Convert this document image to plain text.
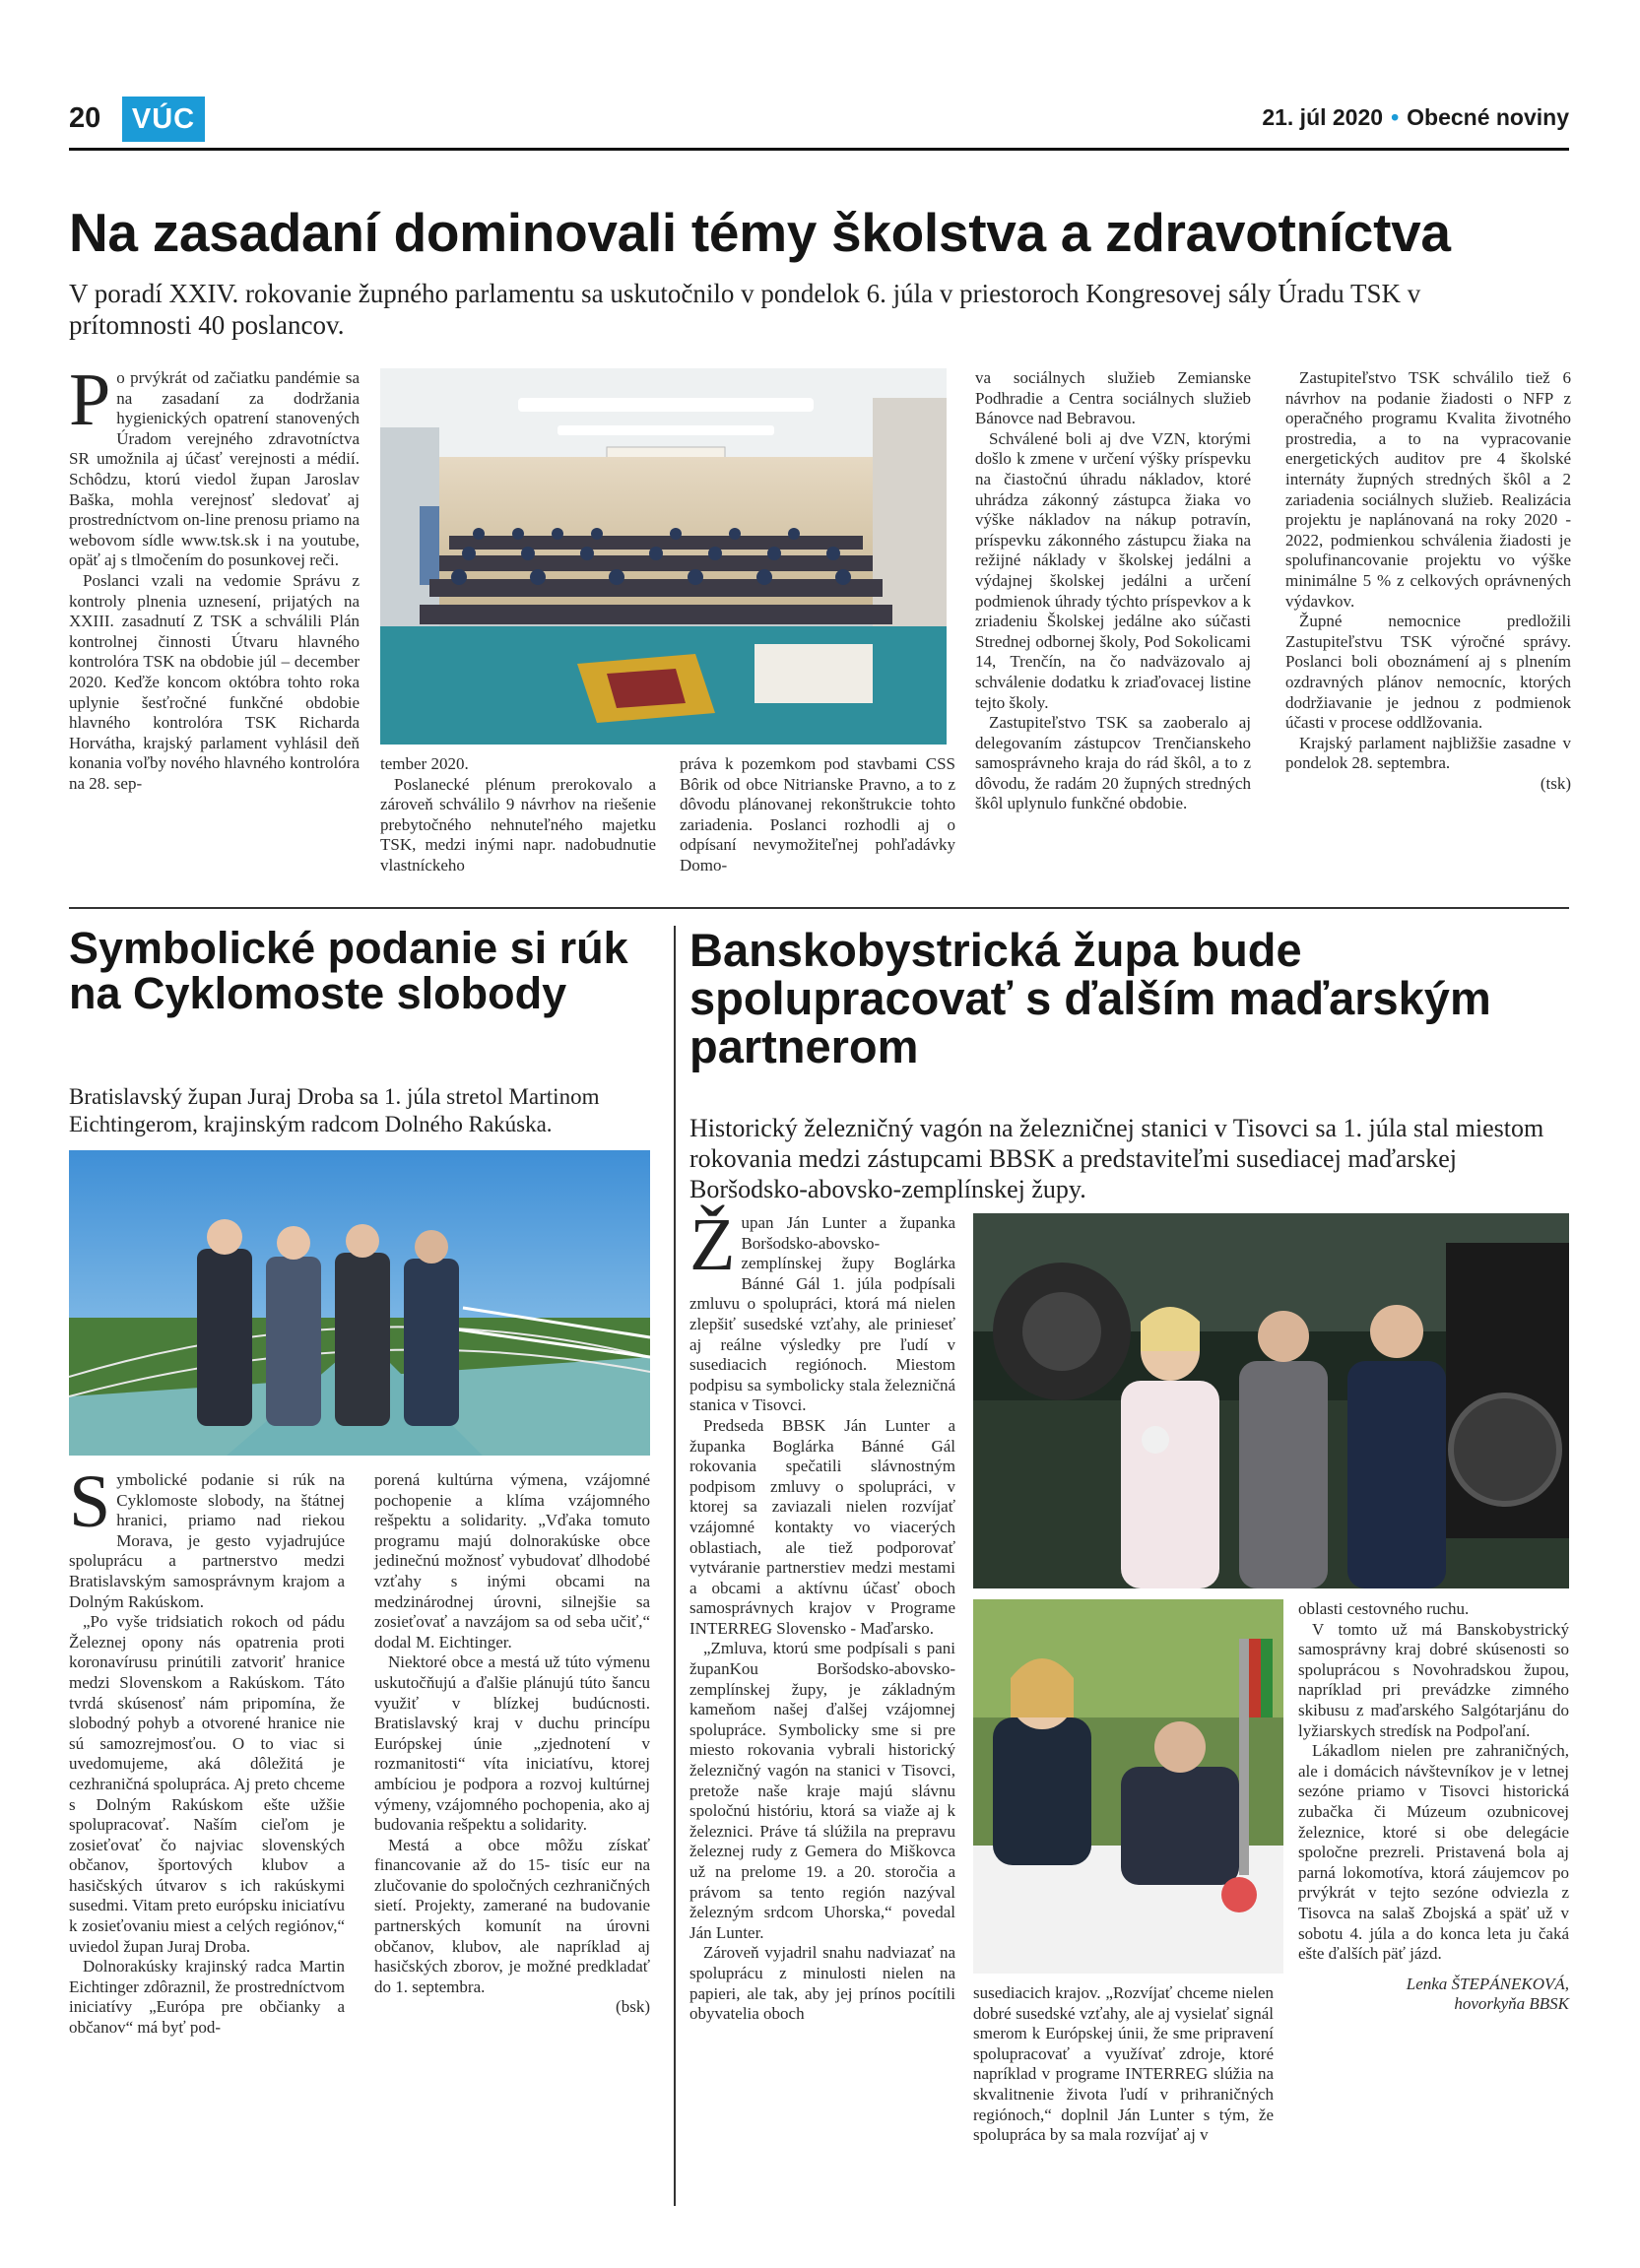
20	VÚC	21. júl 2020 • Obecné noviny
Na zasadaní dominovali témy školstva a zdravotníctva
V poradí XXIV. rokovanie župného parlamentu sa uskutočnilo v pondelok 6. júla v priestoroch Kongresovej sály Úradu TSK v prítomnosti 40 poslancov.

Po prvýkrát od začiatku pandémie sa na zasadaní za dodržania hygienických opatrení stanovených Úradom verejného zdravotníctva SR umožnila aj účasť verejnosti a médií. Schôdzu, ktorú viedol župan Jaroslav Baška, mohla verejnosť sledovať aj prostredníctvom on-line prenosu priamo na webovom sídle www.tsk.sk i na youtube, opäť aj s tlmočením do posunkovej reči.

Poslanci vzali na vedomie Správu z kontroly plnenia uznesení, prijatých na XXIII. zasadnutí Z TSK a schválili Plán kontrolnej činnosti Útvaru hlavného kontrolóra TSK na obdobie júl – december 2020. Keďže koncom októbra tohto roka uplynie šesťročné funkčné obdobie hlavného kontrolóra TSK Richarda Horvátha, krajský parlament vyhlásil deň konania voľby nového hlavného kontrolóra na 28. sep-

tember 2020.

Poslanecké plénum prerokovalo a zároveň schválilo 9 návrhov na riešenie prebytočného nehnuteľného majetku TSK, medzi inými napr. nadobudnutie vlastníckeho

práva k pozemkom pod stavbami CSS Bôrik od obce Nitrianske Pravno, a to z dôvodu plánovanej rekonštrukcie tohto zariadenia. Poslanci rozhodli aj o odpísaní nevymožiteľnej pohľadávky Domo-

va sociálnych služieb Zemianske Podhradie a Centra sociálnych služieb Bánovce nad Bebravou.

Schválené boli aj dve VZN, ktorými došlo k zmene v určení výšky príspevku na čiastočnú úhradu nákladov, ktoré uhrádza zákonný zástupca žiaka vo výške nákladov na nákup potravín, príspevku zákonného zástupcu žiaka na režijné náklady v školskej jedálni a výdajnej školskej jedálni a určení podmienok úhrady týchto príspevkov a k zriadeniu Školskej jedálne ako súčasti Strednej odbornej školy, Pod Sokolicami 14, Trenčín, na čo nadväzovalo aj schválenie dodatku k zriaďovacej listine tejto školy.

Zastupiteľstvo TSK sa zaoberalo aj delegovaním zástupcov Trenčianskeho samosprávneho kraja do rád škôl, a to z dôvodu, že radám 20 župných stredných škôl uplynulo funkčné obdobie.

Zastupiteľstvo TSK schválilo tiež 6 návrhov na podanie žiadosti o NFP z operačného programu Kvalita životného prostredia, a to na vypracovanie energetických auditov pre 4 školské internáty župných stredných škôl a 2 zariadenia sociálnych služieb. Realizácia projektu je naplánovaná na roky 2020 - 2022, podmienkou schválenia žiadosti je spolufinancovanie projektu vo výške minimálne 5 % z celkových oprávnených výdavkov.

Župné nemocnice predložili Zastupiteľstvu TSK výročné správy. Poslanci boli oboznámení aj s plnením ozdravných plánov nemocníc, ktorých dodržiavanie je jednou z podmienok účasti v procese oddlžovania.

Krajský parlament najbližšie zasadne v pondelok 28. septembra.

(tsk)

Symbolické podanie si rúk na Cyklomoste slobody
Bratislavský župan Juraj Droba sa 1. júla stretol Martinom Eichtingerom, krajinským radcom Dolného Rakúska.

Symbolické podanie si rúk na Cyklomoste slobody, na štátnej hranici, priamo nad riekou Morava, je gesto vyjadrujúce spoluprácu a partnerstvo medzi Bratislavským samosprávnym krajom a Dolným Rakúskom.

„Po vyše tridsiatich rokoch od pádu Železnej opony nás opatrenia proti koronavírusu prinútili zatvoriť hranice medzi Slovenskom a Rakúskom. Táto tvrdá skúsenosť nám pripomína, že slobodný pohyb a otvorené hranice nie sú samozrejmosťou. O to viac si uvedomujeme, aká dôležitá je cezhraničná spolupráca. Aj preto chceme s Dolným Rakúskom ešte užšie spolupracovať. Naším cieľom je zosieťovať čo najviac slovenských občanov, športových klubov a hasičských útvarov s ich rakúskymi susedmi. Vitam preto európsku iniciatívu k zosieťovaniu miest a celých regiónov,“ uviedol župan Juraj Droba.

Dolnorakúsky krajinský radca Martin Eichtinger zdôraznil, že prostredníctvom iniciatívy „Európa pre občianky a občanov“ má byť pod-

porená kultúrna výmena, vzájomné pochopenie a klíma vzájomného rešpektu a solidarity. „Vďaka tomuto programu majú dolnorakúske obce jedinečnú možnosť vybudovať dlhodobé vzťahy s inými obcami na medzinárodnej úrovni, silnejšie sa zosieťovať a navzájom sa od seba učiť,“ dodal M. Eichtinger.

Niektoré obce a mestá už túto výmenu uskutočňujú a ďalšie plánujú túto šancu využiť v blízkej budúcnosti. Bratislavský kraj v duchu princípu Európskej únie „zjednotení v rozmanitosti“ víta iniciatívu, ktorej ambíciou je podpora a rozvoj kultúrnej výmeny, vzájomného pochopenia, ako aj budovania rešpektu a solidarity.

Mestá a obce môžu získať financovanie až do 15- tisíc eur na zlučovanie do spoločných cezhraničných sietí. Projekty, zamerané na budovanie partnerských komunít na úrovni občanov, klubov, ale napríklad aj hasičských zborov, je možné predkladať do 1. septembra.

(bsk)

Banskobystrická župa bude spolupracovať s ďalším maďarským partnerom
Historický železničný vagón na železničnej stanici v Tisovci sa 1. júla stal miestom rokovania medzi zástupcami BBSK a predstaviteľmi susediacej maďarskej Boršodsko-abovsko-zemplínskej župy.

Župan Ján Lunter a županka Boršodsko-abovsko-zemplínskej župy Boglárka Bánné Gál 1. júla podpísali zmluvu o spolupráci, ktorá má nielen zlepšiť susedské vzťahy, ale prinieseť aj reálne výsledky pre ľudí v susediacich regiónoch. Miestom podpisu sa symbolicky stala železničná stanica v Tisovci.

Predseda BBSK Ján Lunter a županka Boglárka Bánné Gál rokovania spečatili slávnostným podpisom zmluvy o spolupráci, v ktorej sa zaviazali nielen rozvíjať vzájomné kontakty vo viacerých oblastiach, ale tiež podporovať vytváranie partnerstiev medzi mestami a obcami a aktívnu účasť oboch samosprávnych krajov v Programe INTERREG Slovensko - Maďarsko.

„Zmluva, ktorú sme podpísali s pani županKou Boršodsko-abovsko-zemplínskej župy, je základným kameňom našej ďalšej vzájomnej spolupráce. Symbolicky sme si pre miesto rokovania vybrali historický železničný vagón na stanici v Tisovci, pretože naše kraje majú slávnu spoločnú históriu, ktorá sa viaže aj k železnici. Práve tá slúžila na prepravu železnej rudy z Gemera do Miškovca už na prelome 19. a 20. storočia a právom sa tento región nazýval železným srdcom Uhorska,“ povedal Ján Lunter.

Zároveň vyjadril snahu nadviazať na spoluprácu z minulosti nielen na papieri, ale tak, aby jej prínos pocítili obyvatelia oboch

susediacich krajov. „Rozvíjať chceme nielen dobré susedské vzťahy, ale aj vysielať signál smerom k Európskej únii, že sme pripravení spolupracovať a využívať zdroje, ktoré napríklad v programe INTERREG slúžia na skvalitnenie života ľudí v prihraničných regiónoch,“ doplnil Ján Lunter s tým, že spolupráca by sa mala rozvíjať aj v

oblasti cestovného ruchu.

V tomto už má Banskobystrický samosprávny kraj dobré skúsenosti so spoluprácou s Novohradskou župou, napríklad pri prevádzke zimného skibusu z maďarského Salgótarjánu do lyžiarskych stredísk na Podpoľaní.

Lákadlom nielen pre zahraničných, ale i domácich návštevníkov je v letnej sezóne priamo v Tisovci historická zubačka či Múzeum ozubnicovej železnice, ktoré si obe delegácie spoločne prezreli. Pristavená bola aj parná lokomotíva, ktorá záujemcov po prvýkrát v tejto sezóne odviezla z Tisovca na salaš Zbojská a späť už v sobotu 4. júla a do konca leta ju čaká ešte ďalších päť jázd.

Lenka ŠTEPÁNEKOVÁ,

hovorkyňa BBSK
